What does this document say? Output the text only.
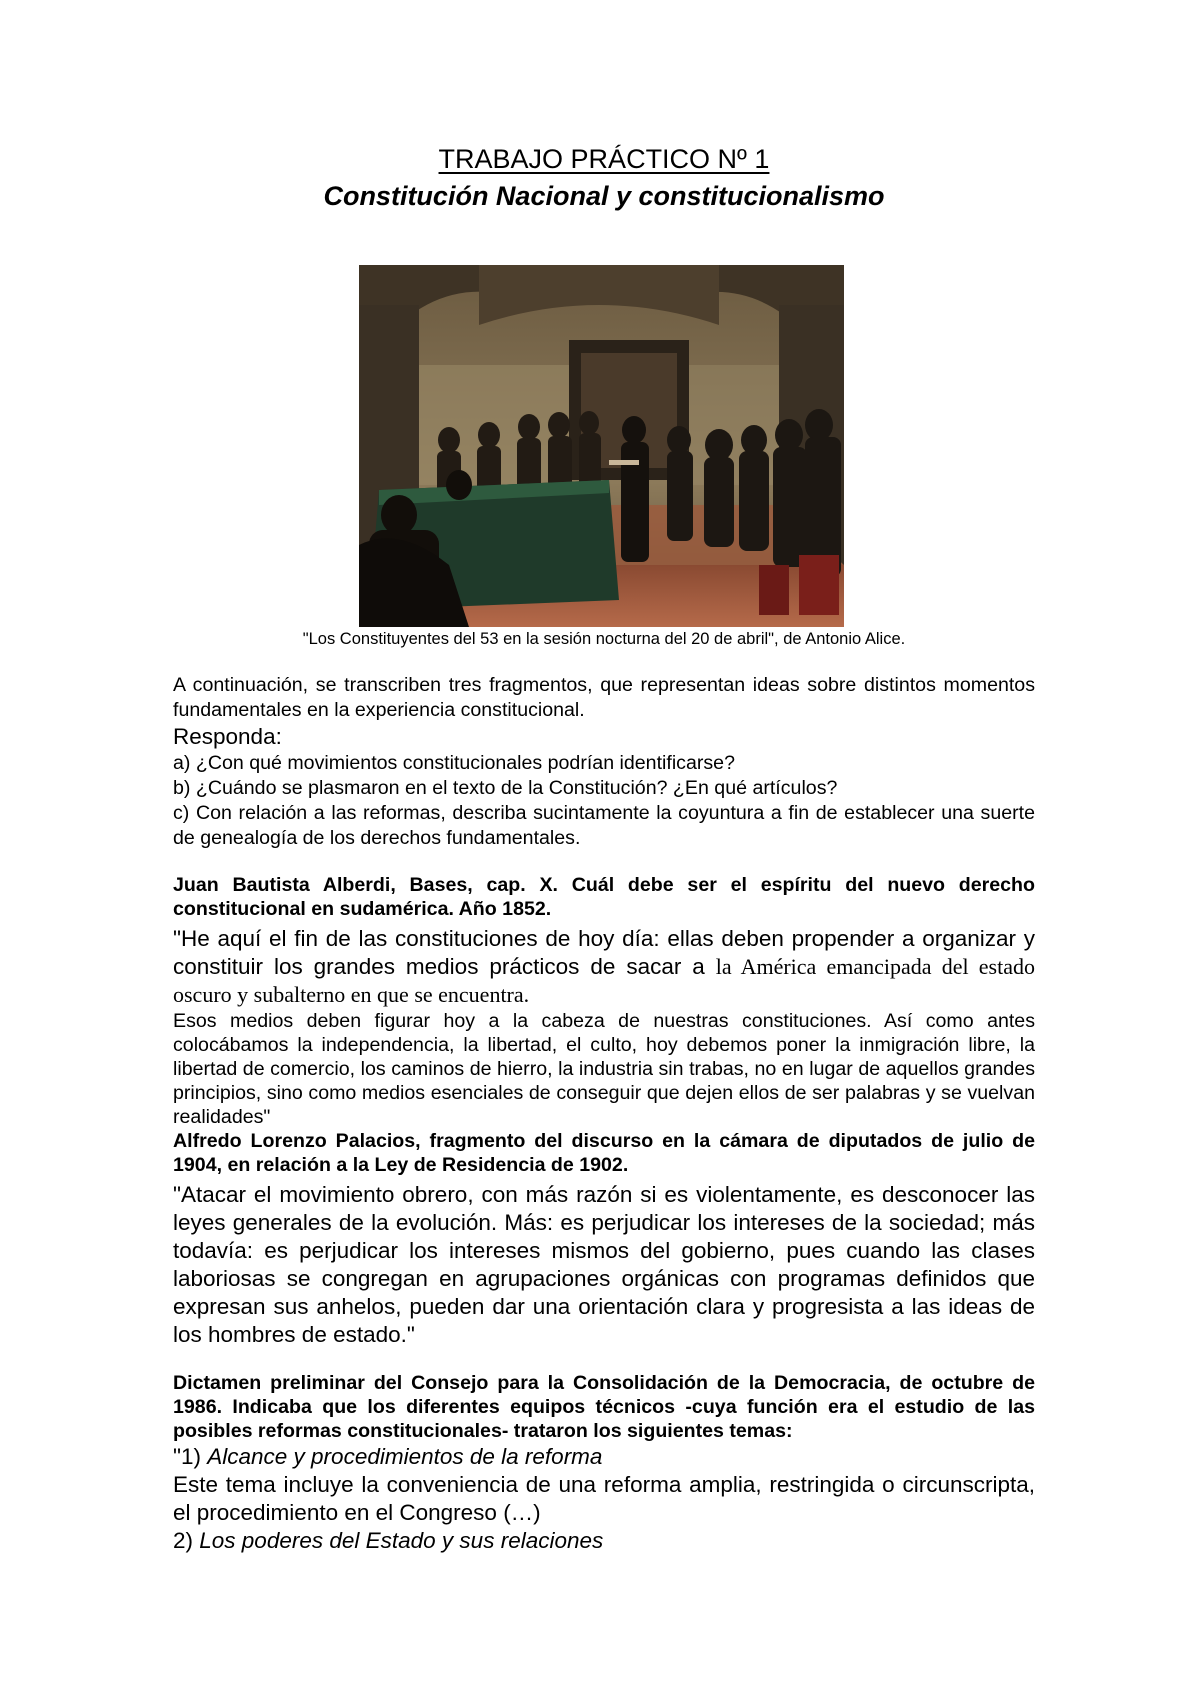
TRABAJO PRÁCTICO Nº 1
Constitución Nacional y constitucionalismo
"Los Constituyentes del 53 en la sesión nocturna del 20 de abril", de Antonio Alice.

A continuación, se transcriben tres fragmentos, que representan ideas sobre distintos momentos fundamentales en la experiencia constitucional.

Responda:

a) ¿Con qué movimientos constitucionales podrían identificarse?

b) ¿Cuándo se plasmaron en el texto de la Constitución? ¿En qué artículos?

c) Con relación a las reformas, describa sucintamente la coyuntura a fin de establecer una suerte de genealogía de los derechos fundamentales.

Juan Bautista Alberdi, Bases, cap. X. Cuál debe ser el espíritu del nuevo derecho constitucional en sudamérica. Año 1852.

"He aquí el fin de las constituciones de hoy día: ellas deben propender a organizar y constituir los grandes medios prácticos de sacar a la América emancipada del estado oscuro y subalterno en que se encuentra.

Esos medios deben figurar hoy a la cabeza de nuestras constituciones. Así como antes colocábamos la independencia, la libertad, el culto, hoy debemos poner la inmigración libre, la libertad de comercio, los caminos de hierro, la industria sin trabas, no en lugar de aquellos grandes principios, sino como medios esenciales de conseguir que dejen ellos de ser palabras y se vuelvan realidades"

Alfredo Lorenzo Palacios, fragmento del discurso en la cámara de diputados de julio de 1904, en relación a la Ley de Residencia de 1902.

"Atacar el movimiento obrero, con más razón si es violentamente, es desconocer las leyes generales de la evolución. Más: es perjudicar los intereses de la sociedad; más todavía: es perjudicar los intereses mismos del gobierno, pues cuando las clases laboriosas se congregan en agrupaciones orgánicas con programas definidos que expresan sus anhelos, pueden dar una orientación clara y progresista a las ideas de los hombres de estado."

Dictamen preliminar del Consejo para la Consolidación de la Democracia, de octubre de 1986. Indicaba que los diferentes equipos técnicos -cuya función era el estudio de las posibles reformas constitucionales- trataron los siguientes temas:

"1) Alcance y procedimientos de la reforma

Este tema incluye la conveniencia de una reforma amplia, restringida o circunscripta, el procedimiento en el Congreso (…)

2) Los poderes del Estado y sus relaciones
